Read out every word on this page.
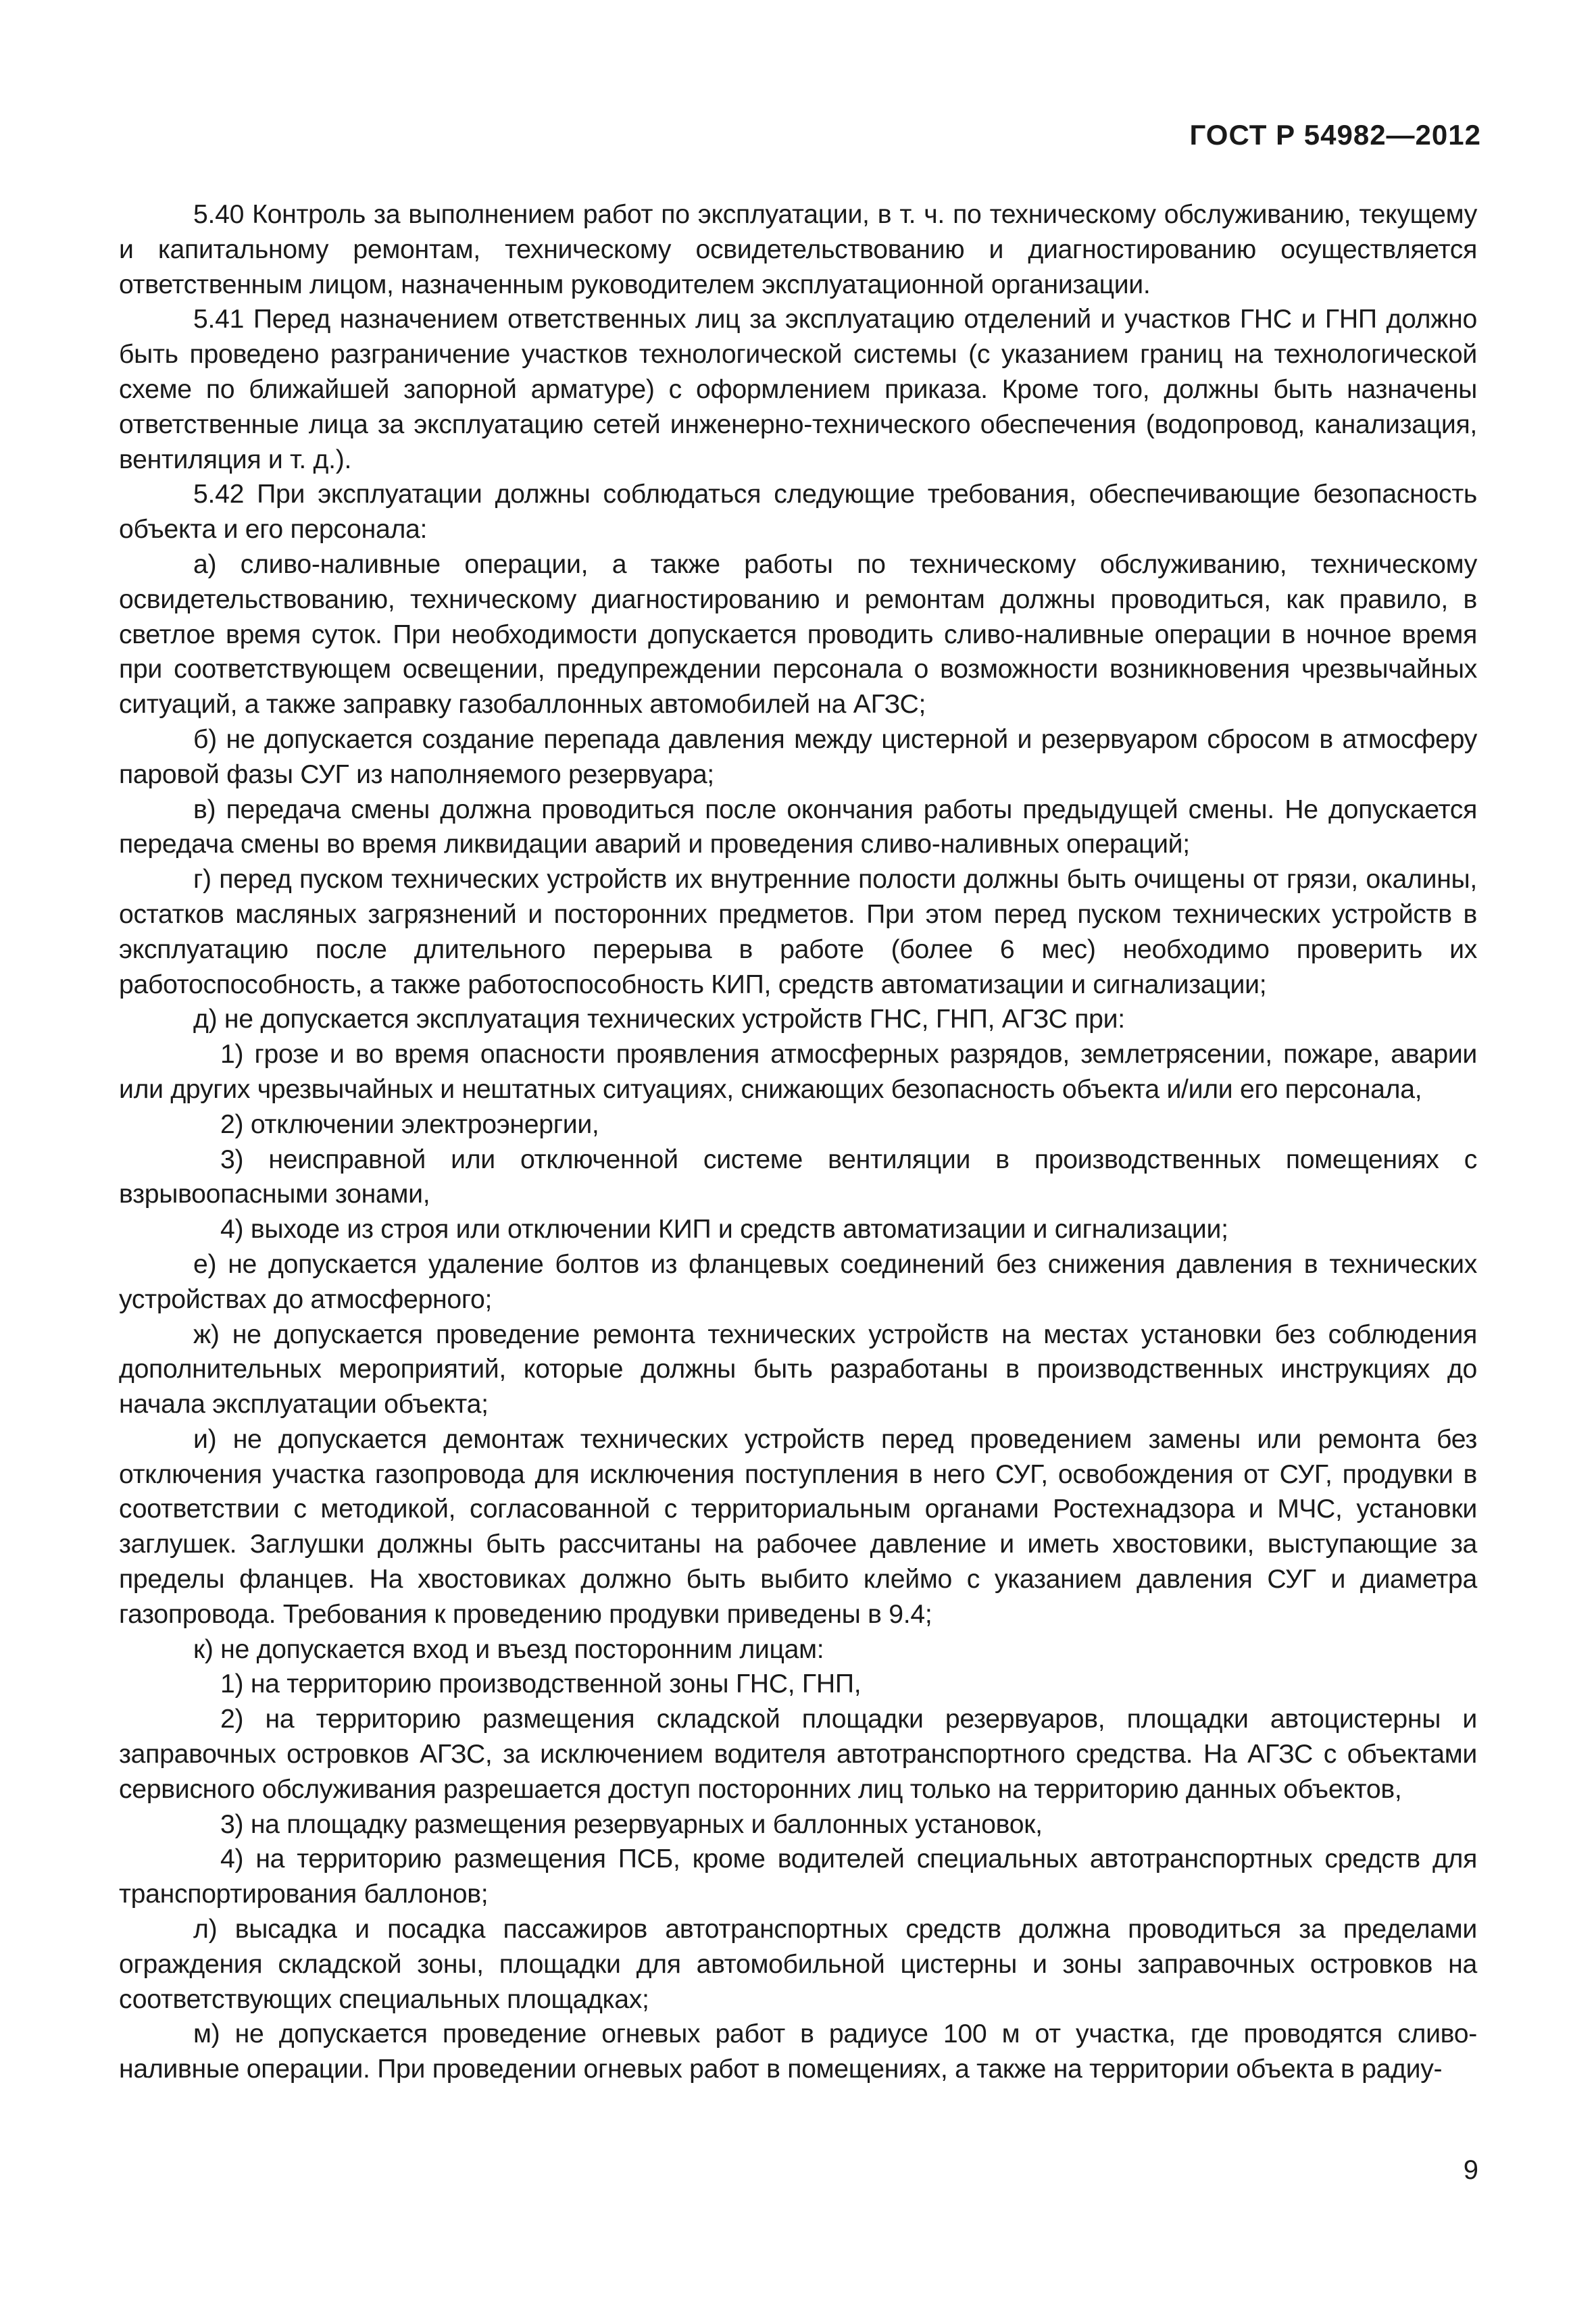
ГОСТ Р 54982—2012

5.40 Контроль за выполнением работ по эксплуатации, в т. ч. по техническому обслуживанию, текущему и капитальному ремонтам, техническому освидетельствованию и диагностированию осуществляется ответственным лицом, назначенным руководителем эксплуатационной организации.

5.41 Перед назначением ответственных лиц за эксплуатацию отделений и участков ГНС и ГНП должно быть проведено разграничение участков технологической системы (с указанием границ на технологической схеме по ближайшей запорной арматуре) с оформлением приказа. Кроме того, должны быть назначены ответственные лица за эксплуатацию сетей инженерно-технического обеспечения (водопровод, канализация, вентиляция и т. д.).

5.42 При эксплуатации должны соблюдаться следующие требования, обеспечивающие безопасность объекта и его персонала:

а) сливо-наливные операции, а также работы по техническому обслуживанию, техническому освидетельствованию, техническому диагностированию и ремонтам должны проводиться, как правило, в светлое время суток. При необходимости допускается проводить сливо-наливные операции в ночное время при соответствующем освещении, предупреждении персонала о возможности возникновения чрезвычайных ситуаций, а также заправку газобаллонных автомобилей на АГЗС;

б) не допускается создание перепада давления между цистерной и резервуаром сбросом в атмосферу паровой фазы СУГ из наполняемого резервуара;

в) передача смены должна проводиться после окончания работы предыдущей смены. Не допускается передача смены во время ликвидации аварий и проведения сливо-наливных операций;

г) перед пуском технических устройств их внутренние полости должны быть очищены от грязи, окалины, остатков масляных загрязнений и посторонних предметов. При этом перед пуском технических устройств в эксплуатацию после длительного перерыва в работе (более 6 мес) необходимо проверить их работоспособность, а также работоспособность КИП, средств автоматизации и сигнализации;

д) не допускается эксплуатация технических устройств ГНС, ГНП, АГЗС при:

1) грозе и во время опасности проявления атмосферных разрядов, землетрясении, пожаре, аварии или других чрезвычайных и нештатных ситуациях, снижающих безопасность объекта и/или его персонала,

2) отключении электроэнергии,

3) неисправной или отключенной системе вентиляции в производственных помещениях с взрывоопасными зонами,

4) выходе из строя или отключении КИП и средств автоматизации и сигнализации;

е) не допускается удаление болтов из фланцевых соединений без снижения давления в технических устройствах до атмосферного;

ж) не допускается проведение ремонта технических устройств на местах установки без соблюдения дополнительных мероприятий, которые должны быть разработаны в производственных инструкциях до начала эксплуатации объекта;

и) не допускается демонтаж технических устройств перед проведением замены или ремонта без отключения участка газопровода для исключения поступления в него СУГ, освобождения от СУГ, продувки в соответствии с методикой, согласованной с территориальным органами Ростехнадзора и МЧС, установки заглушек. Заглушки должны быть рассчитаны на рабочее давление и иметь хвостовики, выступающие за пределы фланцев. На хвостовиках должно быть выбито клеймо с указанием давления СУГ и диаметра газопровода. Требования к проведению продувки приведены в 9.4;

к) не допускается вход и въезд посторонним лицам:

1) на территорию производственной зоны ГНС, ГНП,

2) на территорию размещения складской площадки резервуаров, площадки автоцистерны и заправочных островков АГЗС, за исключением водителя автотранспортного средства. На АГЗС с объектами сервисного обслуживания разрешается доступ посторонних лиц только на территорию данных объектов,

3) на площадку размещения резервуарных и баллонных установок,

4) на территорию размещения ПСБ, кроме водителей специальных автотранспортных средств для транспортирования баллонов;

л) высадка и посадка пассажиров автотранспортных средств должна проводиться за пределами ограждения складской зоны, площадки для автомобильной цистерны и зоны заправочных островков на соответствующих специальных площадках;

м) не допускается проведение огневых работ в радиусе 100 м от участка, где проводятся сливо-наливные операции. При проведении огневых работ в помещениях, а также на территории объекта в радиу-

9
